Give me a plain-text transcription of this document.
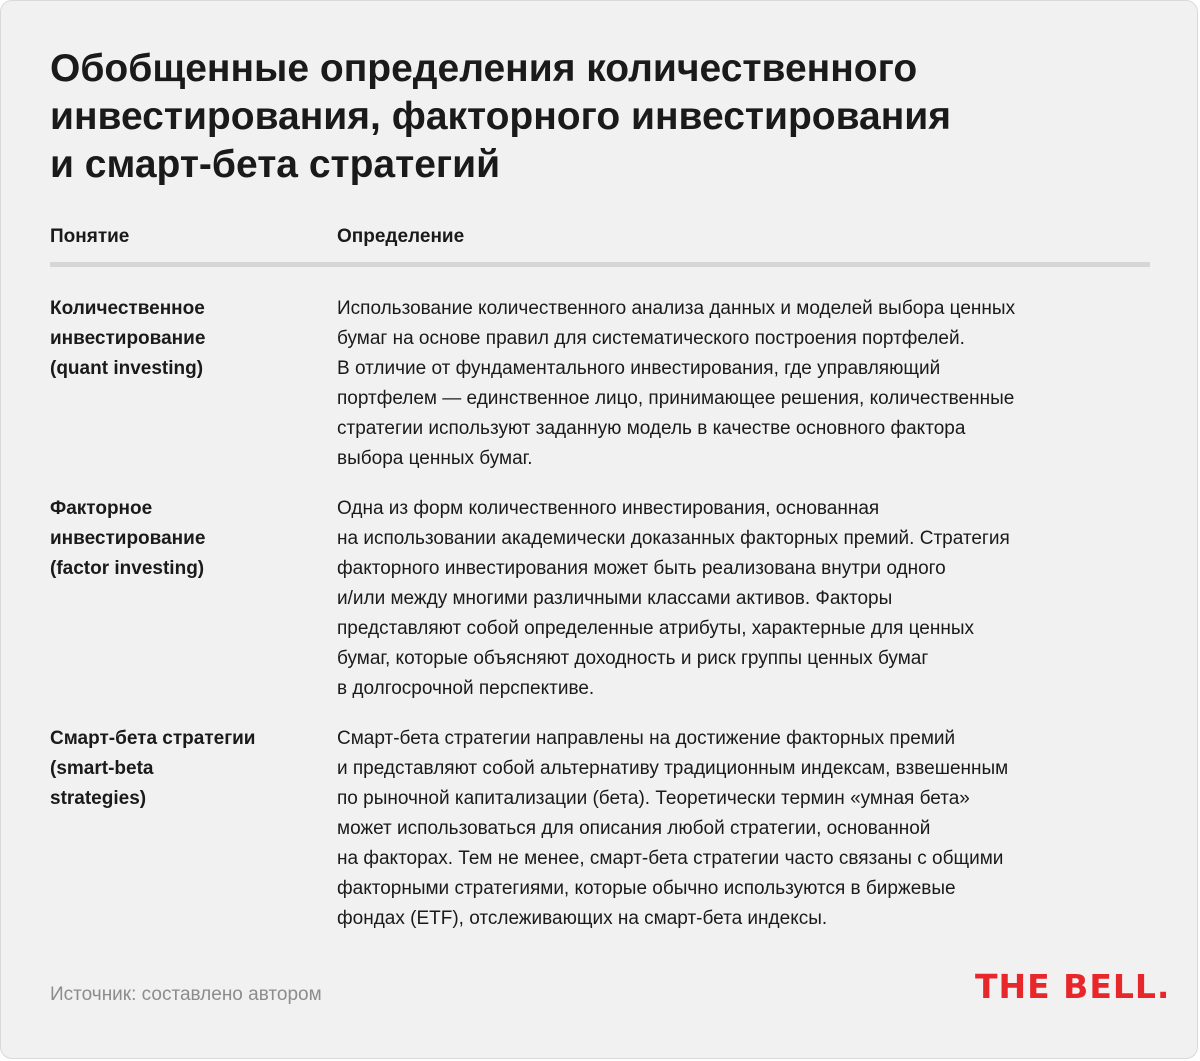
Обобщенные определения количественного
инвестирования, факторного инвестирования
и смарт-бета стратегий
Понятие	Определение
Количественное
инвестирование
(quant investing)
Использование количественного анализа данных и моделей выбора ценных
бумаг на основе правил для систематического построения портфелей.
В отличие от фундаментального инвестирования, где управляющий
портфелем — единственное лицо, принимающее решения, количественные
стратегии используют заданную модель в качестве основного фактора
выбора ценных бумаг.
Факторное
инвестирование
(factor investing)
Одна из форм количественного инвестирования, основанная
на использовании академически доказанных факторных премий. Стратегия
факторного инвестирования может быть реализована внутри одного
и/или между многими различными классами активов. Факторы
представляют собой определенные атрибуты, характерные для ценных
бумаг, которые объясняют доходность и риск группы ценных бумаг
в долгосрочной перспективе.
Смарт-бета стратегии
(smart-beta
strategies)
Смарт-бета стратегии направлены на достижение факторных премий
и представляют собой альтернативу традиционным индексам, взвешенным
по рыночной капитализации (бета). Теоретически термин «умная бета»
может использоваться для описания любой стратегии, основанной
на факторах. Тем не менее, смарт-бета стратегии часто связаны с общими
факторными стратегиями, которые обычно используются в биржевые
фондах (ETF), отслеживающих на смарт-бета индексы.
Источник: составлено автором	THE BELL.
